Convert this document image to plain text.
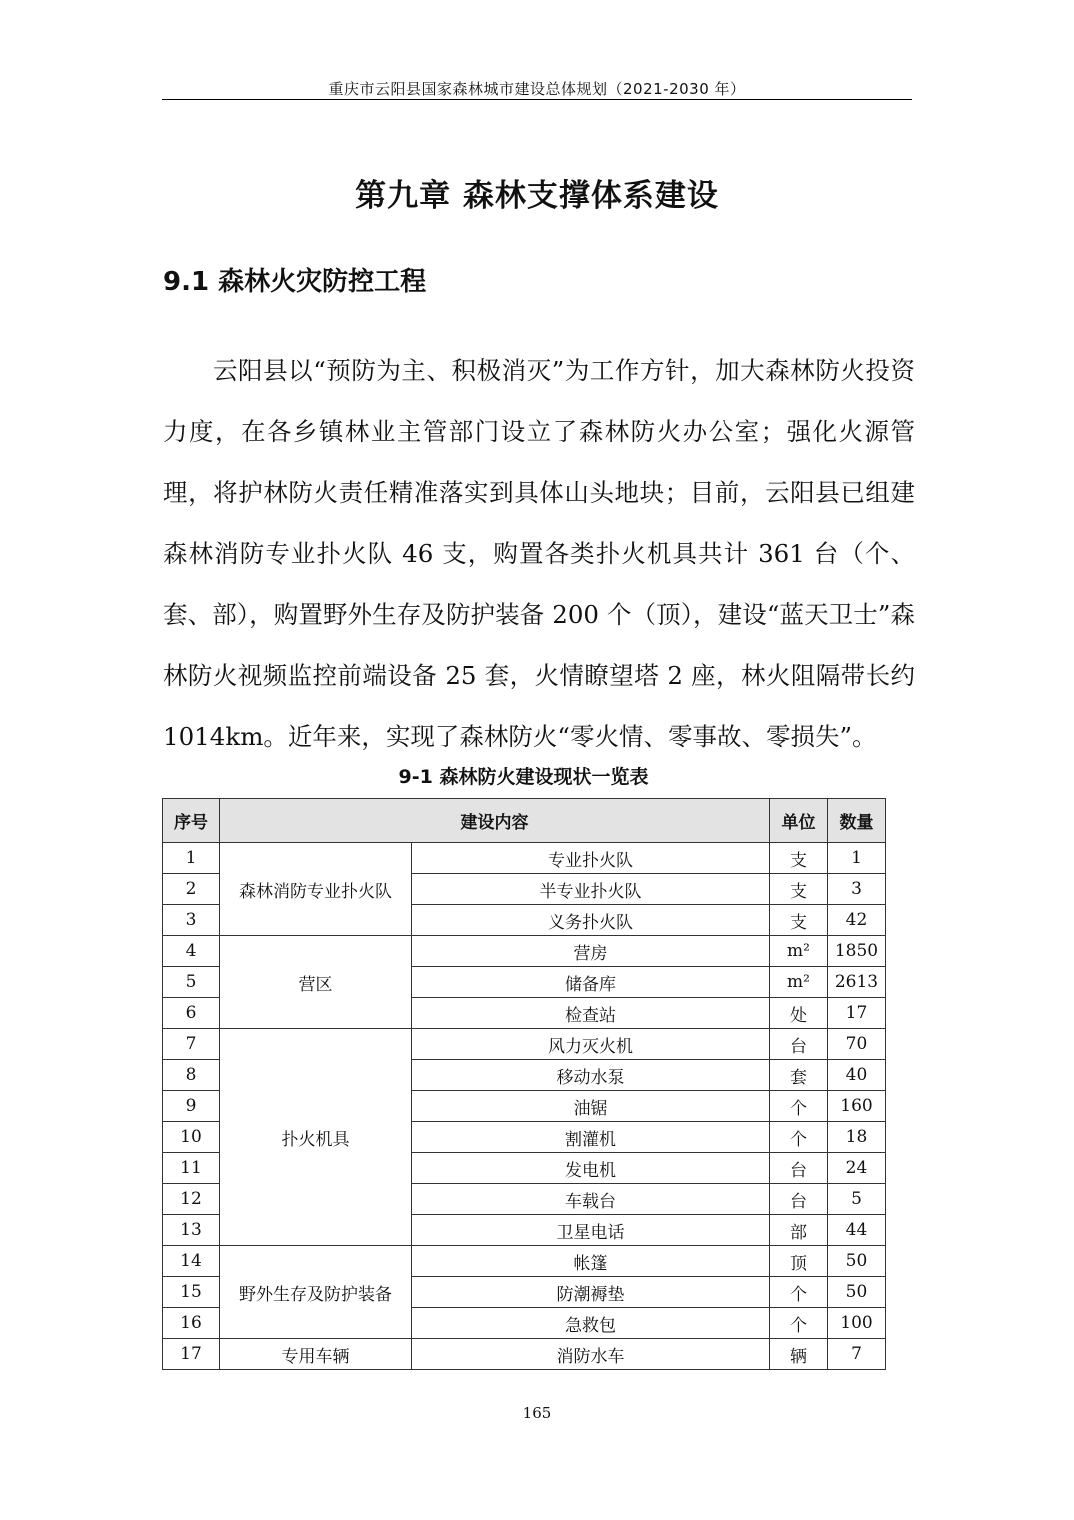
重庆市云阳县国家森林城市建设总体规划（2021-2030 年）
第九章 森林支撑体系建设
9.1 森林火灾防控工程

云阳县以“预防为主、积极消灭”为工作方针，加大森林防火投资力度，在各乡镇林业主管部门设立了森林防火办公室；强化火源管理，将护林防火责任精准落实到具体山头地块；目前，云阳县已组建森林消防专业扑火队 46 支，购置各类扑火机具共计 361 台（个、套、部），购置野外生存及防护装备 200 个（顶），建设“蓝天卫士”森林防火视频监控前端设备 25 套，火情瞭望塔 2 座，林火阻隔带长约1014km。近年来，实现了森林防火“零火情、零事故、零损失”。

9-1 森林防火建设现状一览表
序号	建设内容		单位	数量
1	森林消防专业扑火队	专业扑火队	支	1
2		半专业扑火队	支	3
3		义务扑火队	支	42
4	营区	营房	m²	1850
5		储备库	m²	2613
6		检查站	处	17
7	扑火机具	风力灭火机	台	70
8		移动水泵	套	40
9		油锯	个	160
10		割灌机	个	18
11		发电机	台	24
12		车载台	台	5
13		卫星电话	部	44
14	野外生存及防护装备	帐篷	顶	50
15		防潮褥垫	个	50
16		急救包	个	100
17	专用车辆	消防水车	辆	7
165
